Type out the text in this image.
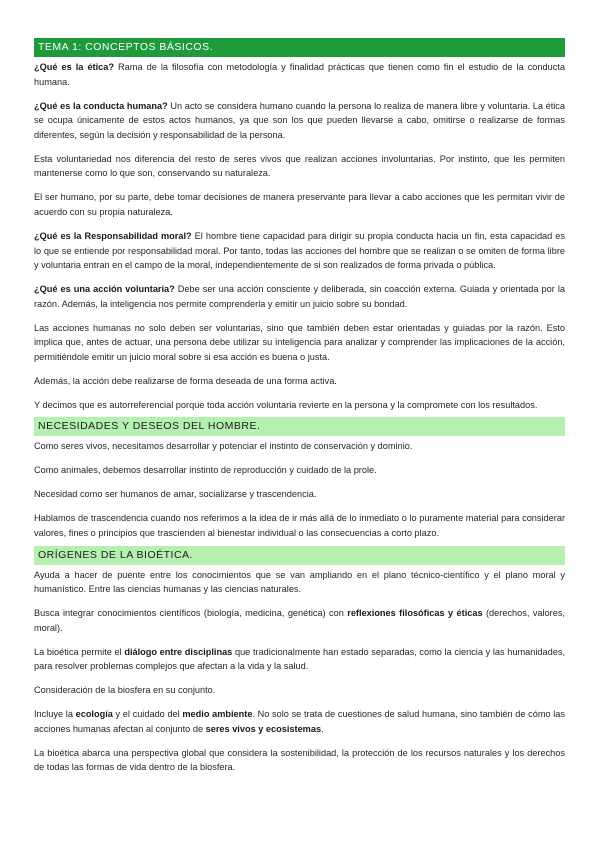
TEMA 1: CONCEPTOS BÁSICOS.

¿Qué es la ética? Rama de la filosofía con metodología y finalidad prácticas que tienen como fin el estudio de la conducta humana.

¿Qué es la conducta humana? Un acto se considera humano cuando la persona lo realiza de manera libre y voluntaria. La ética se ocupa únicamente de estos actos humanos, ya que son los que pueden llevarse a cabo, omitirse o realizarse de formas diferentes, según la decisión y responsabilidad de la persona.

Esta voluntariedad nos diferencia del resto de seres vivos que realizan acciones involuntarias. Por instinto, que les permiten mantenerse como lo que son, conservando su naturaleza.

El ser humano, por su parte, debe tomar decisiones de manera preservante para llevar a cabo acciones que les permitan vivir de acuerdo con su propia naturaleza.

¿Qué es la Responsabilidad moral? El hombre tiene capacidad para dirigir su propia conducta hacia un fin, esta capacidad es lo que se entiende por responsabilidad moral. Por tanto, todas las acciones del hombre que se realizan o se omiten de forma libre y voluntaria entran en el campo de la moral, independientemente de si son realizados de forma privada o pública.

¿Qué es una acción voluntaria? Debe ser una acción consciente y deliberada, sin coacción externa. Guiada y orientada por la razón. Además, la inteligencia nos permite comprenderla y emitir un juicio sobre su bondad.

Las acciones humanas no solo deben ser voluntarias, sino que también deben estar orientadas y guiadas por la razón. Esto implica que, antes de actuar, una persona debe utilizar su inteligencia para analizar y comprender las implicaciones de la acción, permitiéndole emitir un juicio moral sobre si esa acción es buena o justa.

Además, la acción debe realizarse de forma deseada de una forma activa.

Y decimos que es autorreferencial porque toda acción voluntaria revierte en la persona y la compromete con los resultados.

NECESIDADES Y DESEOS DEL HOMBRE.

Como seres vivos, necesitamos desarrollar y potenciar el instinto de conservación y dominio.

Como animales, debemos desarrollar instinto de reproducción y cuidado de la prole.

Necesidad como ser humanos de amar, socializarse y trascendencia.

Hablamos de trascendencia cuando nos referimos a la idea de ir más allá de lo inmediato o lo puramente material para considerar valores, fines o principios que trascienden al bienestar individual o las consecuencias a corto plazo.

ORÍGENES DE LA BIOÉTICA.

Ayuda a hacer de puente entre los conocimientos que se van ampliando en el plano técnico-científico y el plano moral y humanístico. Entre las ciencias humanas y las ciencias naturales.

Busca integrar conocimientos científicos (biología, medicina, genética) con reflexiones filosóficas y éticas (derechos, valores, moral).

La bioética permite el diálogo entre disciplinas que tradicionalmente han estado separadas, como la ciencia y las humanidades, para resolver problemas complejos que afectan a la vida y la salud.

Consideración de la biosfera en su conjunto.

Incluye la ecología y el cuidado del medio ambiente. No solo se trata de cuestiones de salud humana, sino también de cómo las acciones humanas afectan al conjunto de seres vivos y ecosistemas.

La bioética abarca una perspectiva global que considera la sostenibilidad, la protección de los recursos naturales y los derechos de todas las formas de vida dentro de la biosfera.
